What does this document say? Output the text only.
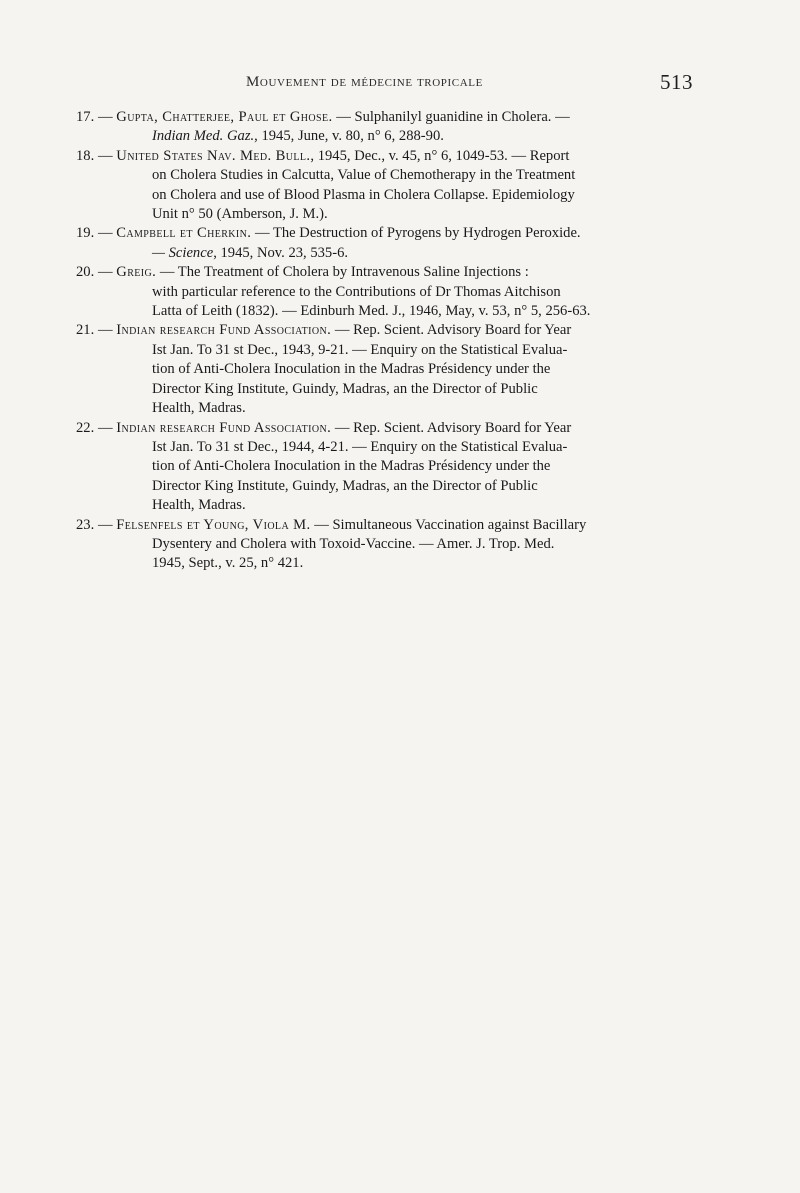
Mouvement de médecine tropicale	513
17. — Gupta, Chatterjee, Paul et Ghose. — Sulphanilyl guanidine in Cholera. —
Indian Med. Gaz., 1945, June, v. 80, n° 6, 288-90.
18. — United States Nav. Med. Bull., 1945, Dec., v. 45, n° 6, 1049-53. — Report
on Cholera Studies in Calcutta, Value of Chemotherapy in the Treatment
on Cholera and use of Blood Plasma in Cholera Collapse. Epidemiology
Unit n° 50 (Amberson, J. M.).
19. — Campbell et Cherkin. — The Destruction of Pyrogens by Hydrogen Peroxide.
— Science, 1945, Nov. 23, 535-6.
20. — Greig. — The Treatment of Cholera by Intravenous Saline Injections :
with particular reference to the Contributions of Dr Thomas Aitchison
Latta of Leith (1832). — Edinburh Med. J., 1946, May, v. 53, n° 5, 256-63.
21. — Indian research Fund Association. — Rep. Scient. Advisory Board for Year
Ist Jan. To 31 st Dec., 1943, 9-21. — Enquiry on the Statistical Evalua-
tion of Anti-Cholera Inoculation in the Madras Présidency under the
Director King Institute, Guindy, Madras, an the Director of Public
Health, Madras.
22. — Indian research Fund Association. — Rep. Scient. Advisory Board for Year
Ist Jan. To 31 st Dec., 1944, 4-21. — Enquiry on the Statistical Evalua-
tion of Anti-Cholera Inoculation in the Madras Présidency under the
Director King Institute, Guindy, Madras, an the Director of Public
Health, Madras.
23. — Felsenfels et Young, Viola M. — Simultaneous Vaccination against Bacillary
Dysentery and Cholera with Toxoid-Vaccine. — Amer. J. Trop. Med.
1945, Sept., v. 25, n° 421.
